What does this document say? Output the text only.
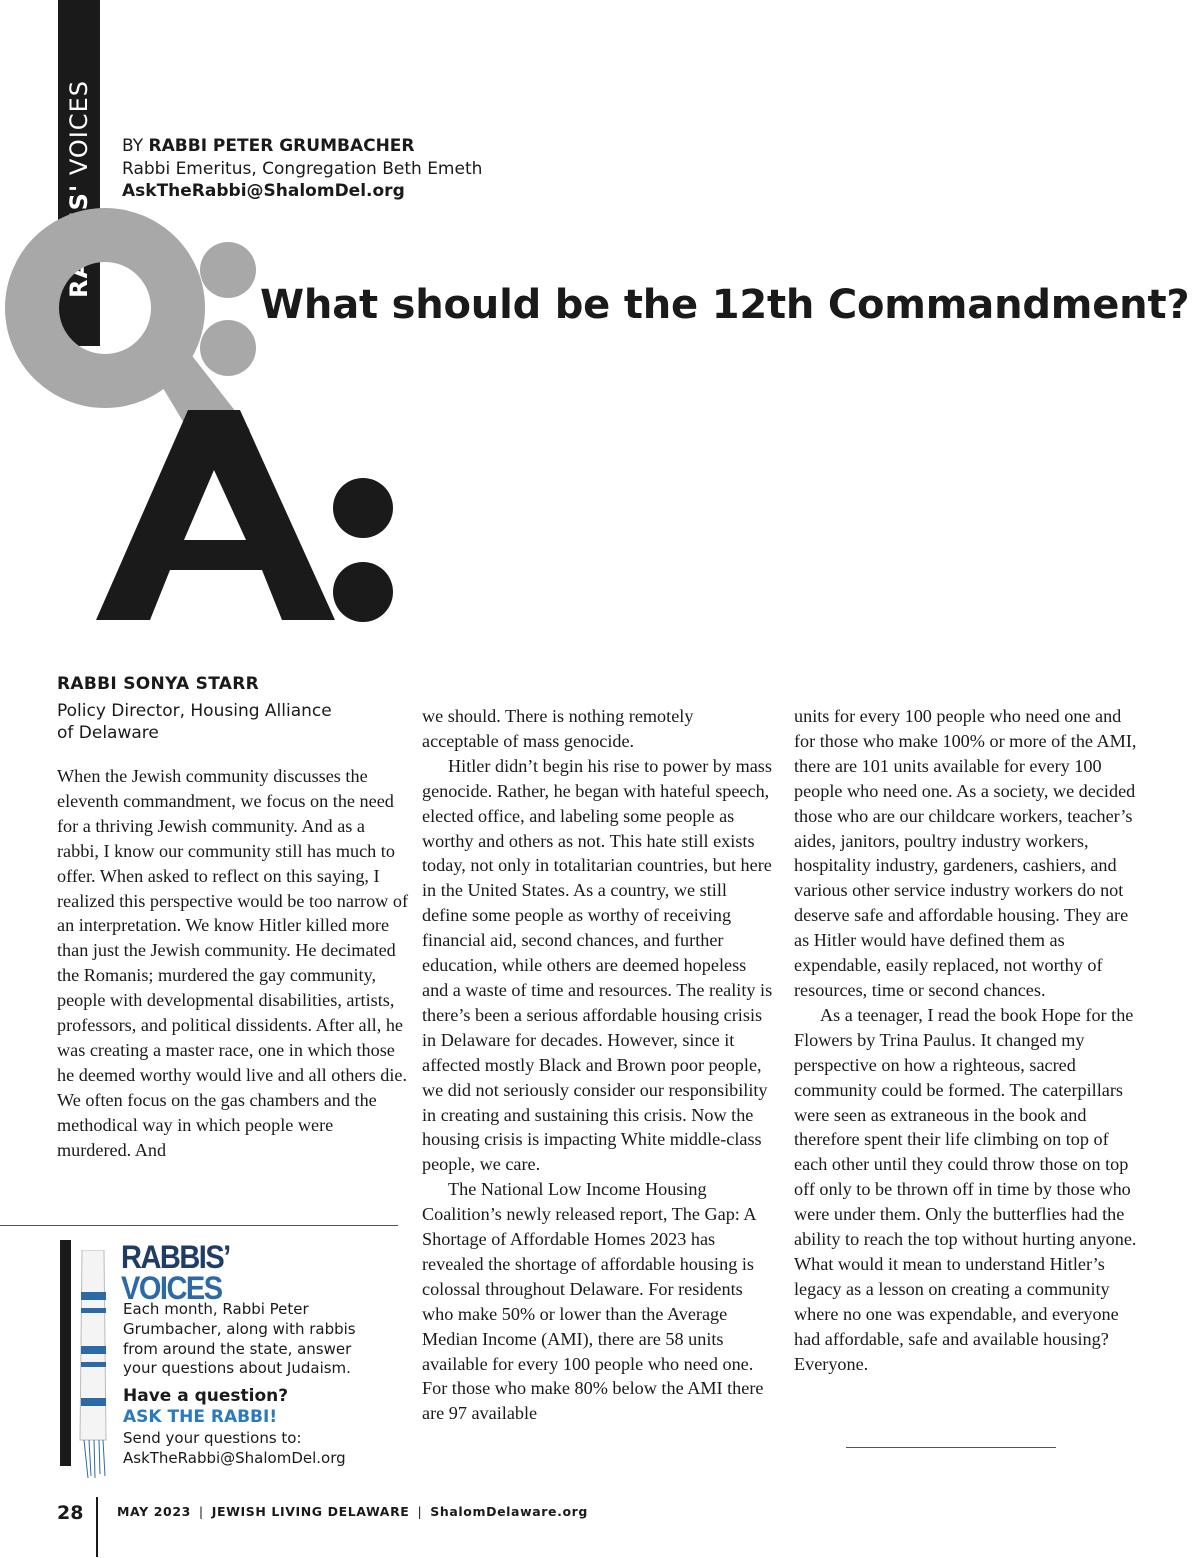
VOICES BY RABBI PETER GRUMBACHER
Rabbi Emeritus, Congregation Beth Emeth
AskTheRabbi@ShalomDel.org
What should be the 12th Commandment?
RABBI SONYA STARR
Policy Director, Housing Alliance
of Delaware

When the Jewish community discusses the eleventh commandment, we focus on the need for a thriving Jewish community. And as a rabbi, I know our community still has much to offer. When asked to reflect on this saying, I realized this perspective would be too narrow of an interpretation. We know Hitler killed more than just the Jewish community. He decimated the Romanis; murdered the gay community, people with developmental disabilities, artists, professors, and political dissidents. After all, he was creating a master race, one in which those he deemed worthy would live and all others die. We often focus on the gas chambers and the methodical way in which people were murdered. And

we should. There is nothing remotely acceptable of mass genocide.

Hitler didn’t begin his rise to power by mass genocide. Rather, he began with hateful speech, elected office, and labeling some people as worthy and others as not. This hate still exists today, not only in totalitarian countries, but here in the United States. As a country, we still define some people as worthy of receiving financial aid, second chances, and further education, while others are deemed hopeless and a waste of time and resources. The reality is there’s been a serious affordable housing crisis in Delaware for decades. However, since it affected mostly Black and Brown poor people, we did not seriously consider our responsibility in creating and sustaining this crisis. Now the housing crisis is impacting White middle-class people, we care.

The National Low Income Housing Coalition’s newly released report, The Gap: A Shortage of Affordable Homes 2023 has revealed the shortage of affordable housing is colossal throughout Delaware. For residents who make 50% or lower than the Average Median Income (AMI), there are 58 units available for every 100 people who need one. For those who make 80% below the AMI there are 97 available

units for every 100 people who need one and for those who make 100% or more of the AMI, there are 101 units available for every 100 people who need one. As a society, we decided those who are our childcare workers, teacher’s aides, janitors, poultry industry workers, hospitality industry, gardeners, cashiers, and various other service industry workers do not deserve safe and affordable housing. They are as Hitler would have defined them as expendable, easily replaced, not worthy of resources, time or second chances.

As a teenager, I read the book Hope for the Flowers by Trina Paulus. It changed my perspective on how a righteous, sacred community could be formed. The caterpillars were seen as extraneous in the book and therefore spent their life climbing on top of each other until they could throw those on top off only to be thrown off in time by those who were under them. Only the butterflies had the ability to reach the top without hurting anyone. What would it mean to understand Hitler’s legacy as a lesson on creating a community where no one was expendable, and everyone had affordable, safe and available housing? Everyone.

RABBIS’
VOICES
Each month, Rabbi Peter Grumbacher, along with rabbis from around the state, answer your questions about Judaism.
Have a question?
ASK THE RABBI!
Send your questions to:
AskTheRabbi@ShalomDel.org
28	MAY 2023 | JEWISH LIVING DELAWARE | ShalomDelaware.org
